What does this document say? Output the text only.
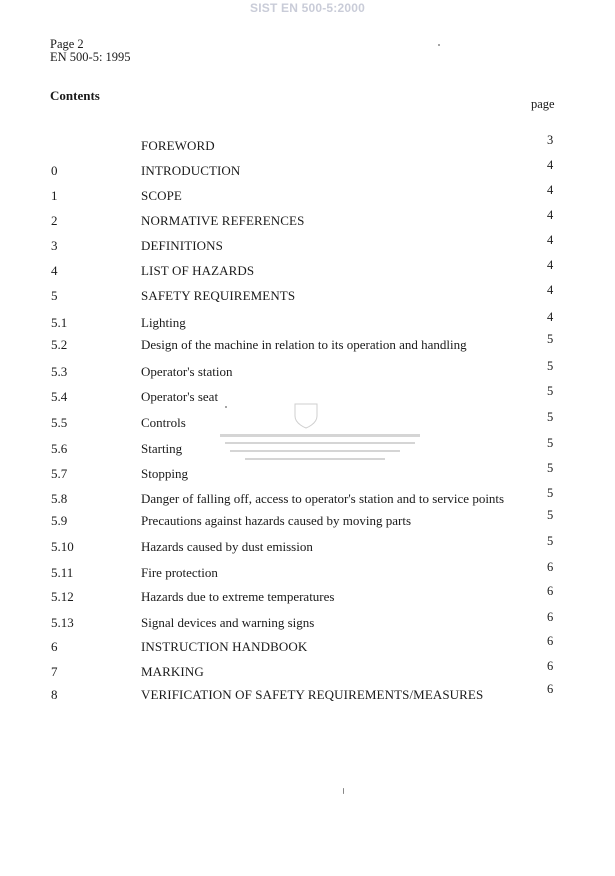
SIST EN 500-5:2000
Page 2
EN 500-5: 1995
Contents
page
FOREWORD	3
0	INTRODUCTION	4
1	SCOPE	4
2	NORMATIVE REFERENCES	4
3	DEFINITIONS	4
4	LIST OF HAZARDS	4
5	SAFETY REQUIREMENTS	4
5.1	Lighting	4
5.2	Design of the machine in relation to its operation and handling	5
5.3	Operator's station	5
5.4	Operator's seat	5
5.5	Controls	5
5.6	Starting	5
5.7	Stopping	5
5.8	Danger of falling off, access to operator's station and to service points	5
5.9	Precautions against hazards caused by moving parts	5
5.10	Hazards caused by dust emission	5
5.11	Fire protection	6
5.12	Hazards due to extreme temperatures	6
5.13	Signal devices and warning signs	6
6	INSTRUCTION HANDBOOK	6
7	MARKING	6
8	VERIFICATION OF SAFETY REQUIREMENTS/MEASURES	6
